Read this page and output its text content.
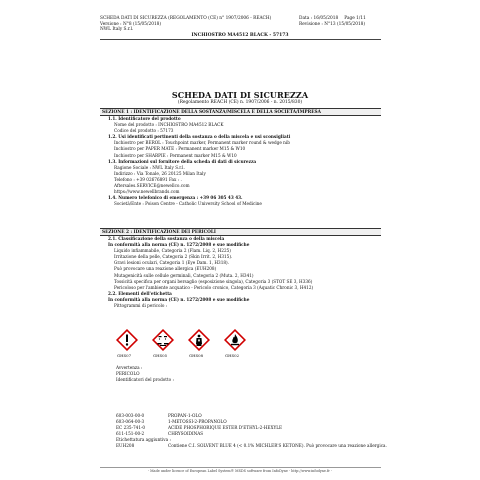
SCHEDA DATI DI SICUREZZA (REGOLAMENTO (CE) n° 1907/2006 - REACH)
Versione : N°8 (15/05/2018)
NWL Italy S.r.l.
Data : 16/05/2018 Page 1/11
Revisione : N°13 (15/05/2018)
INCHIOSTRO MA4512 BLACK - 57173
SCHEDA DATI DI SICUREZZA
(Regolamento REACH (CE) n. 1907/2006 - n. 2015/830)
SEZIONE 1 : IDENTIFICAZIONE DELLA SOSTANZA/MISCELA E DELLA SOCIETÀ/IMPRESA
1.1. Identificatore del prodotto
Nome del prodotto : INCHIOSTRO MA4512 BLACK
Codice del prodotto : 57173
1.2. Usi identificati pertinenti della sostanza o della miscela e usi sconsigliati
Inchiostro per BEROL : Touchpoint marker, Permanent marker round & wedge nib
Inchiostro per PAPER MATE : Permanent marker M15 & W10
Inchiostro per SHARPIE : Permanent marker M15 & W10
1.3. Informazioni sul fornitore della scheda di dati di sicurezza
Ragione Sociale : NWL Italy S.r.l.
Indirizzo : Via Tonale, 26 20125 Milan Italy
Telefono : +39 02676891 Fax : .
Aftersales.SERVICE@newellco.com
https://www.newellbrands.com
1.4. Numero telefonico di emergenza : +39 06 305 43 43.
Società/Ente : Poison Centre - Catholic University School of Medicine
SEZIONE 2 : IDENTIFICAZIONE DEI PERICOLI
2.1. Classificazione della sostanza o della miscela
In conformità alla norma (CE) n. 1272/2008 e sue modifiche
Liquido infiammabile, Categoria 2 (Flam. Liq. 2, H225)
Irritazione della pelle, Categoria 2 (Skin Irrit. 2, H315).
Gravi lesioni oculari, Categoria 1 (Eye Dam. 1, H318).
Può provocare una reazione allergica (EUH208)
Mutagenicità sulle cellule germinali, Categoria 2 (Muta. 2, H341)
Tossicità specifica per organi bersaglio (esposizione singola), Categoria 3 (STOT SE 3, H336)
Pericoloso per l'ambiente acquatico - Pericolo cronico, Categoria 3 (Aquatic Chronic 3, H412)
2.2. Elementi dell'etichetta
In conformità alla norma (CE) n. 1272/2008 e sue modifiche
Pittogrammi di pericolo :
GHS07	GHS05	GHS08	GHS02
Avvertenza :
PERICOLO
Identificatori del prodotto :
603-003-00-0	PROPAN-1-OLO
603-064-00-3	1-METOSSI-2-PROPANOLO
EC 235-741-0	ACIDE PHOSPHORIQUE ESTER D'ETHYL-2-HEXYLE
611-151-00-2	CHRYSOIDINAS
Etichettatura aggiuntiva :
EUH208	Contiene C.I. SOLVENT BLUE 4 (< 0.1% MICHLER'S KETONE). Può provocare una reazione allergica.
- Made under licence of European Label System® MSDS software from InfoDyne - http://www.infodyne.fr -
